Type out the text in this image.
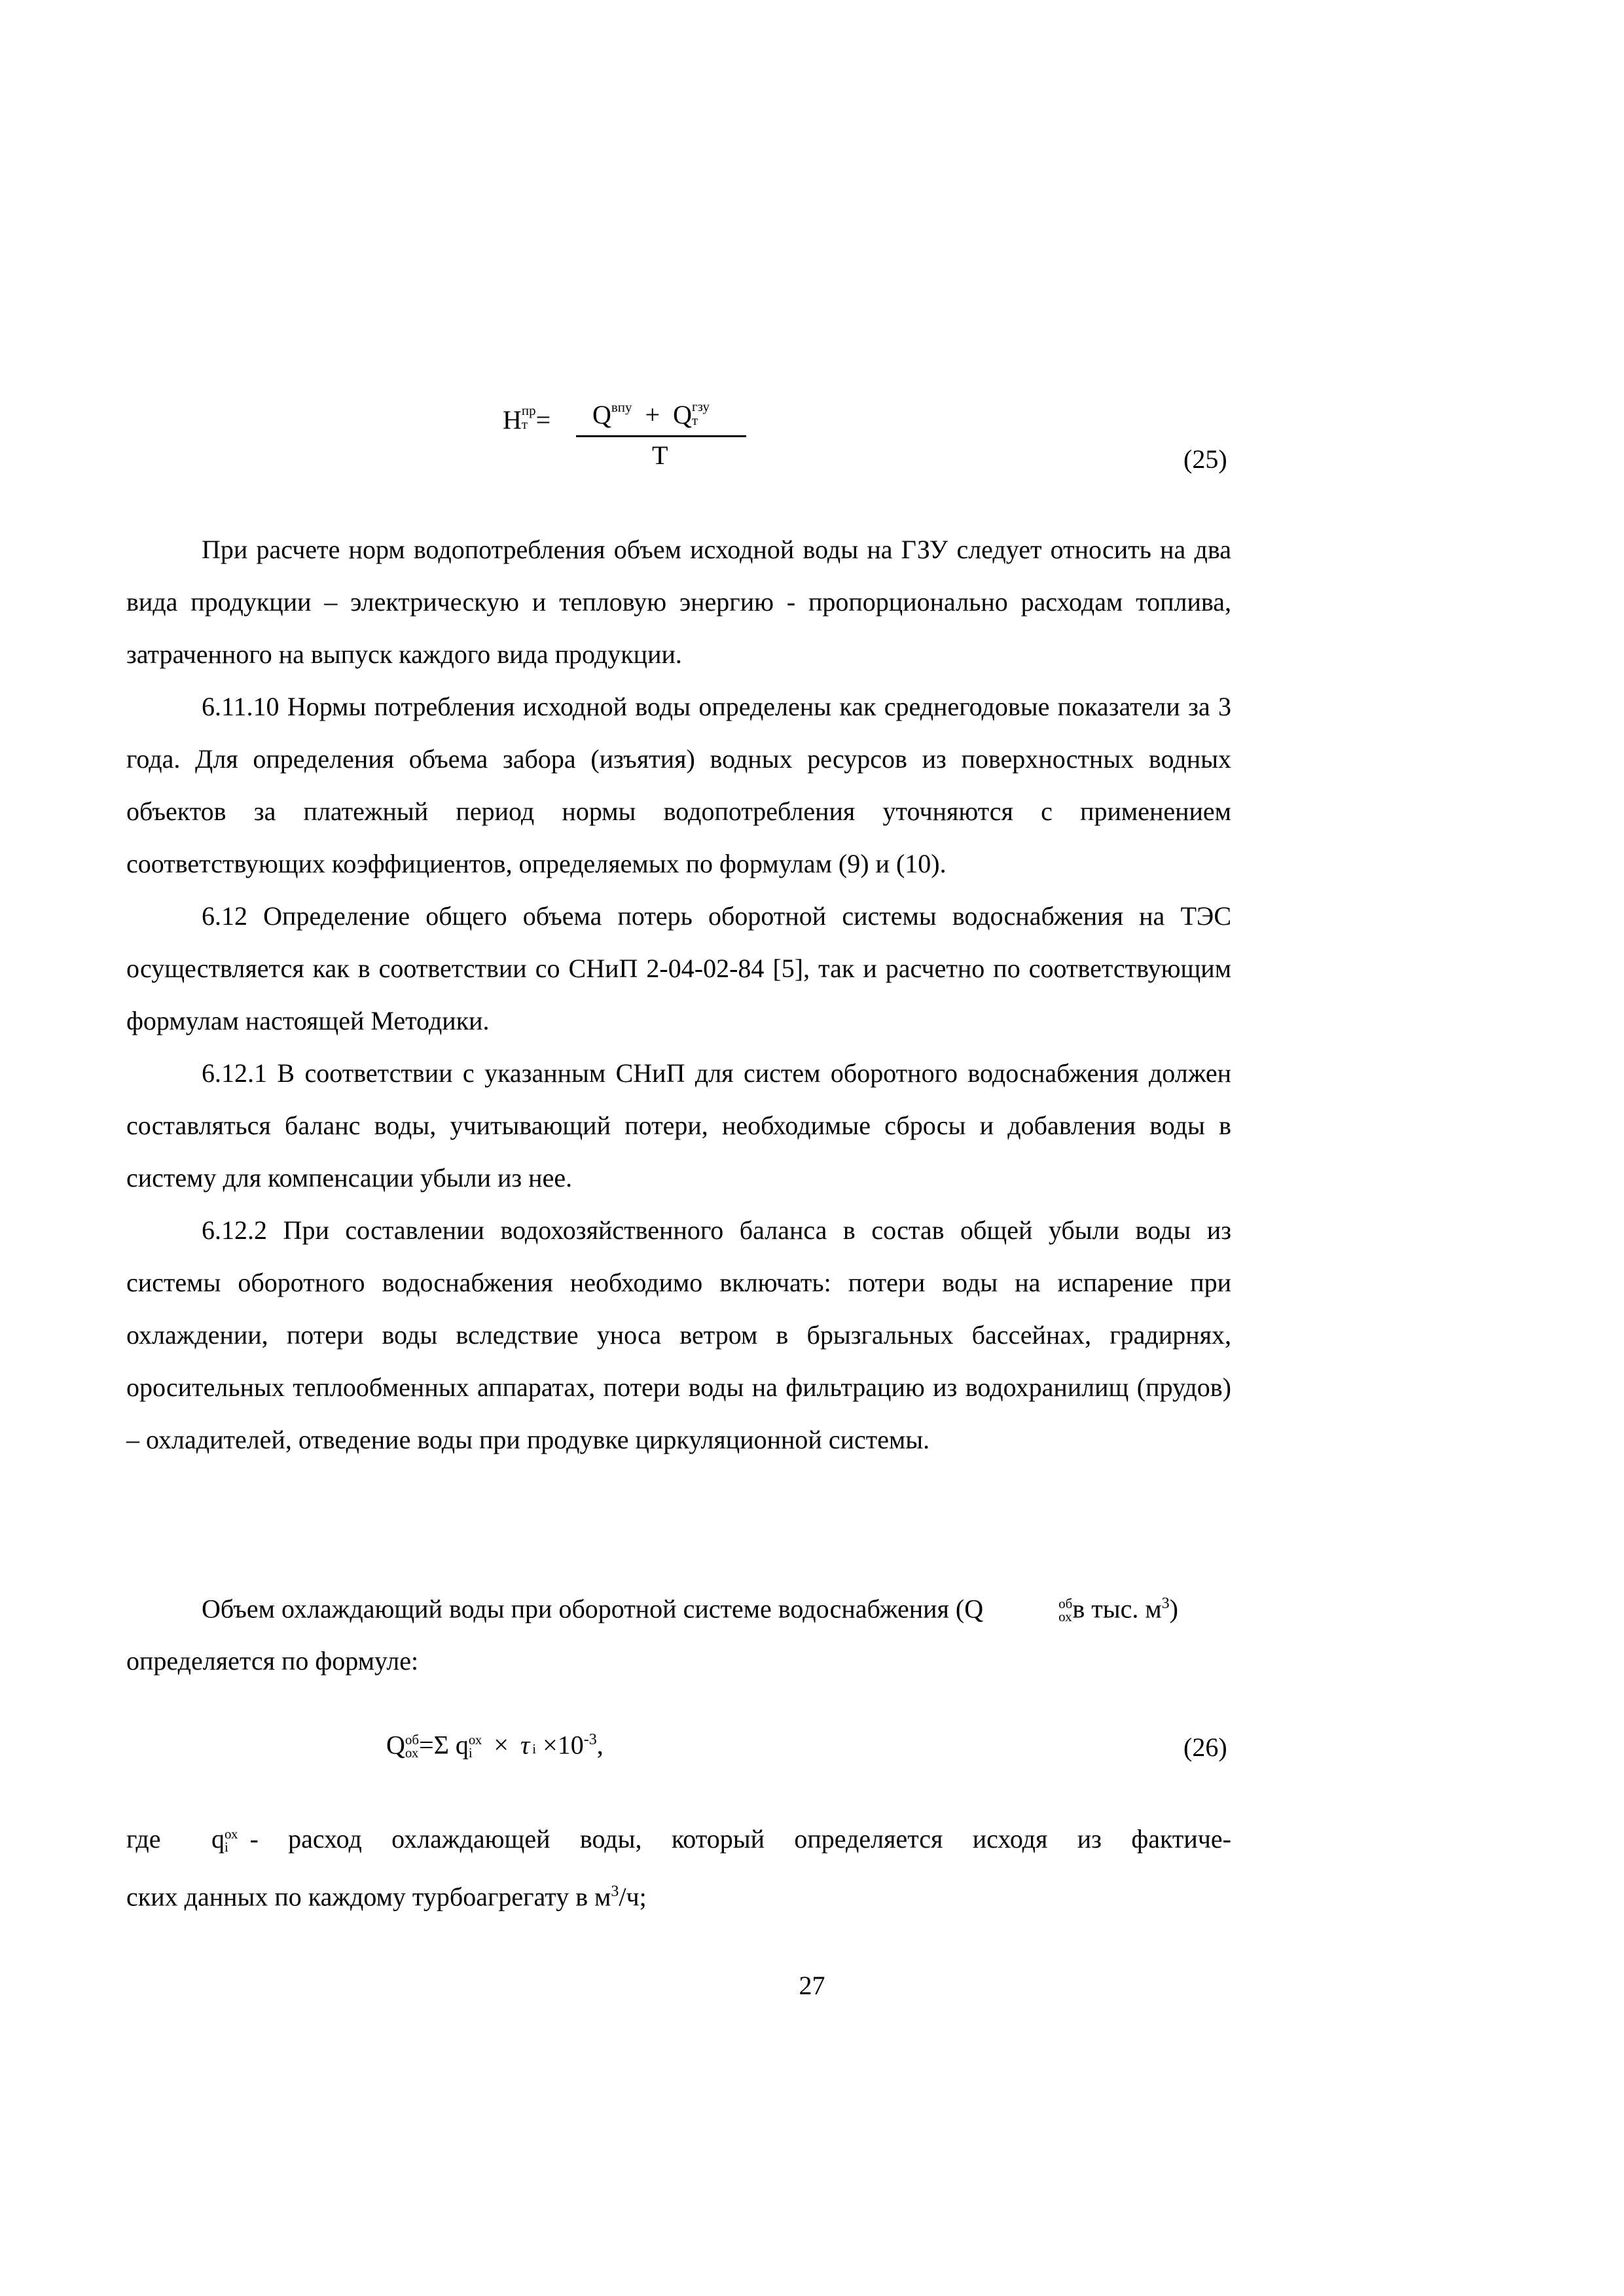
Н пр
$т = Q^{впу} + Q$ гзу
т
Т	(25)

При расчете норм водопотребления объем исходной воды на ГЗУ следует относить на два вида продукции – электрическую и тепловую энергию - пропорционально расходам топлива, затраченного на выпуск каждого вида продукции.

6.11.10 Нормы потребления исходной воды определены как среднегодовые показатели за 3 года. Для определения объема забора (изъятия) водных ресурсов из поверхностных водных объектов за платежный период нормы водопотребления уточняются с применением соответствующих коэффициентов, определяемых по формулам (9) и (10).

6.12 Определение общего объема потерь оборотной системы водоснабжения на ТЭС осуществляется как в соответствии со СНиП 2-04-02-84 [5], так и расчетно по соответствующим формулам настоящей Методики.

6.12.1 В соответствии с указанным СНиП для систем оборотного водоснабжения должен составляться баланс воды, учитывающий потери, необходимые сбросы и добавления воды в систему для компенсации убыли из нее.

6.12.2 При составлении водохозяйственного баланса в состав общей убыли воды из системы оборотного водоснабжения необходимо включать: потери воды на испарение при охлаждении, потери воды вследствие уноса ветром в брызгальных бассейнах, градирнях, оросительных теплообменных аппаратах, потери воды на фильтрацию из водохранилищ (прудов) – охладителей, отведение воды при продувке циркуляционной системы.

Объем охлаждающий воды при оборотной системе водоснабжения (Q	об
ох в тыс. $м^3$)

определяется по формуле:

Q об
ох =Σ q ох
i × τ $i \times 10^{-3}$,	(26)
где	q ох
i - расход охлаждающей воды, который определяется исходя из фактиче-
ских данных по каждому турбоагрегату в $м^3/ч$;
27
